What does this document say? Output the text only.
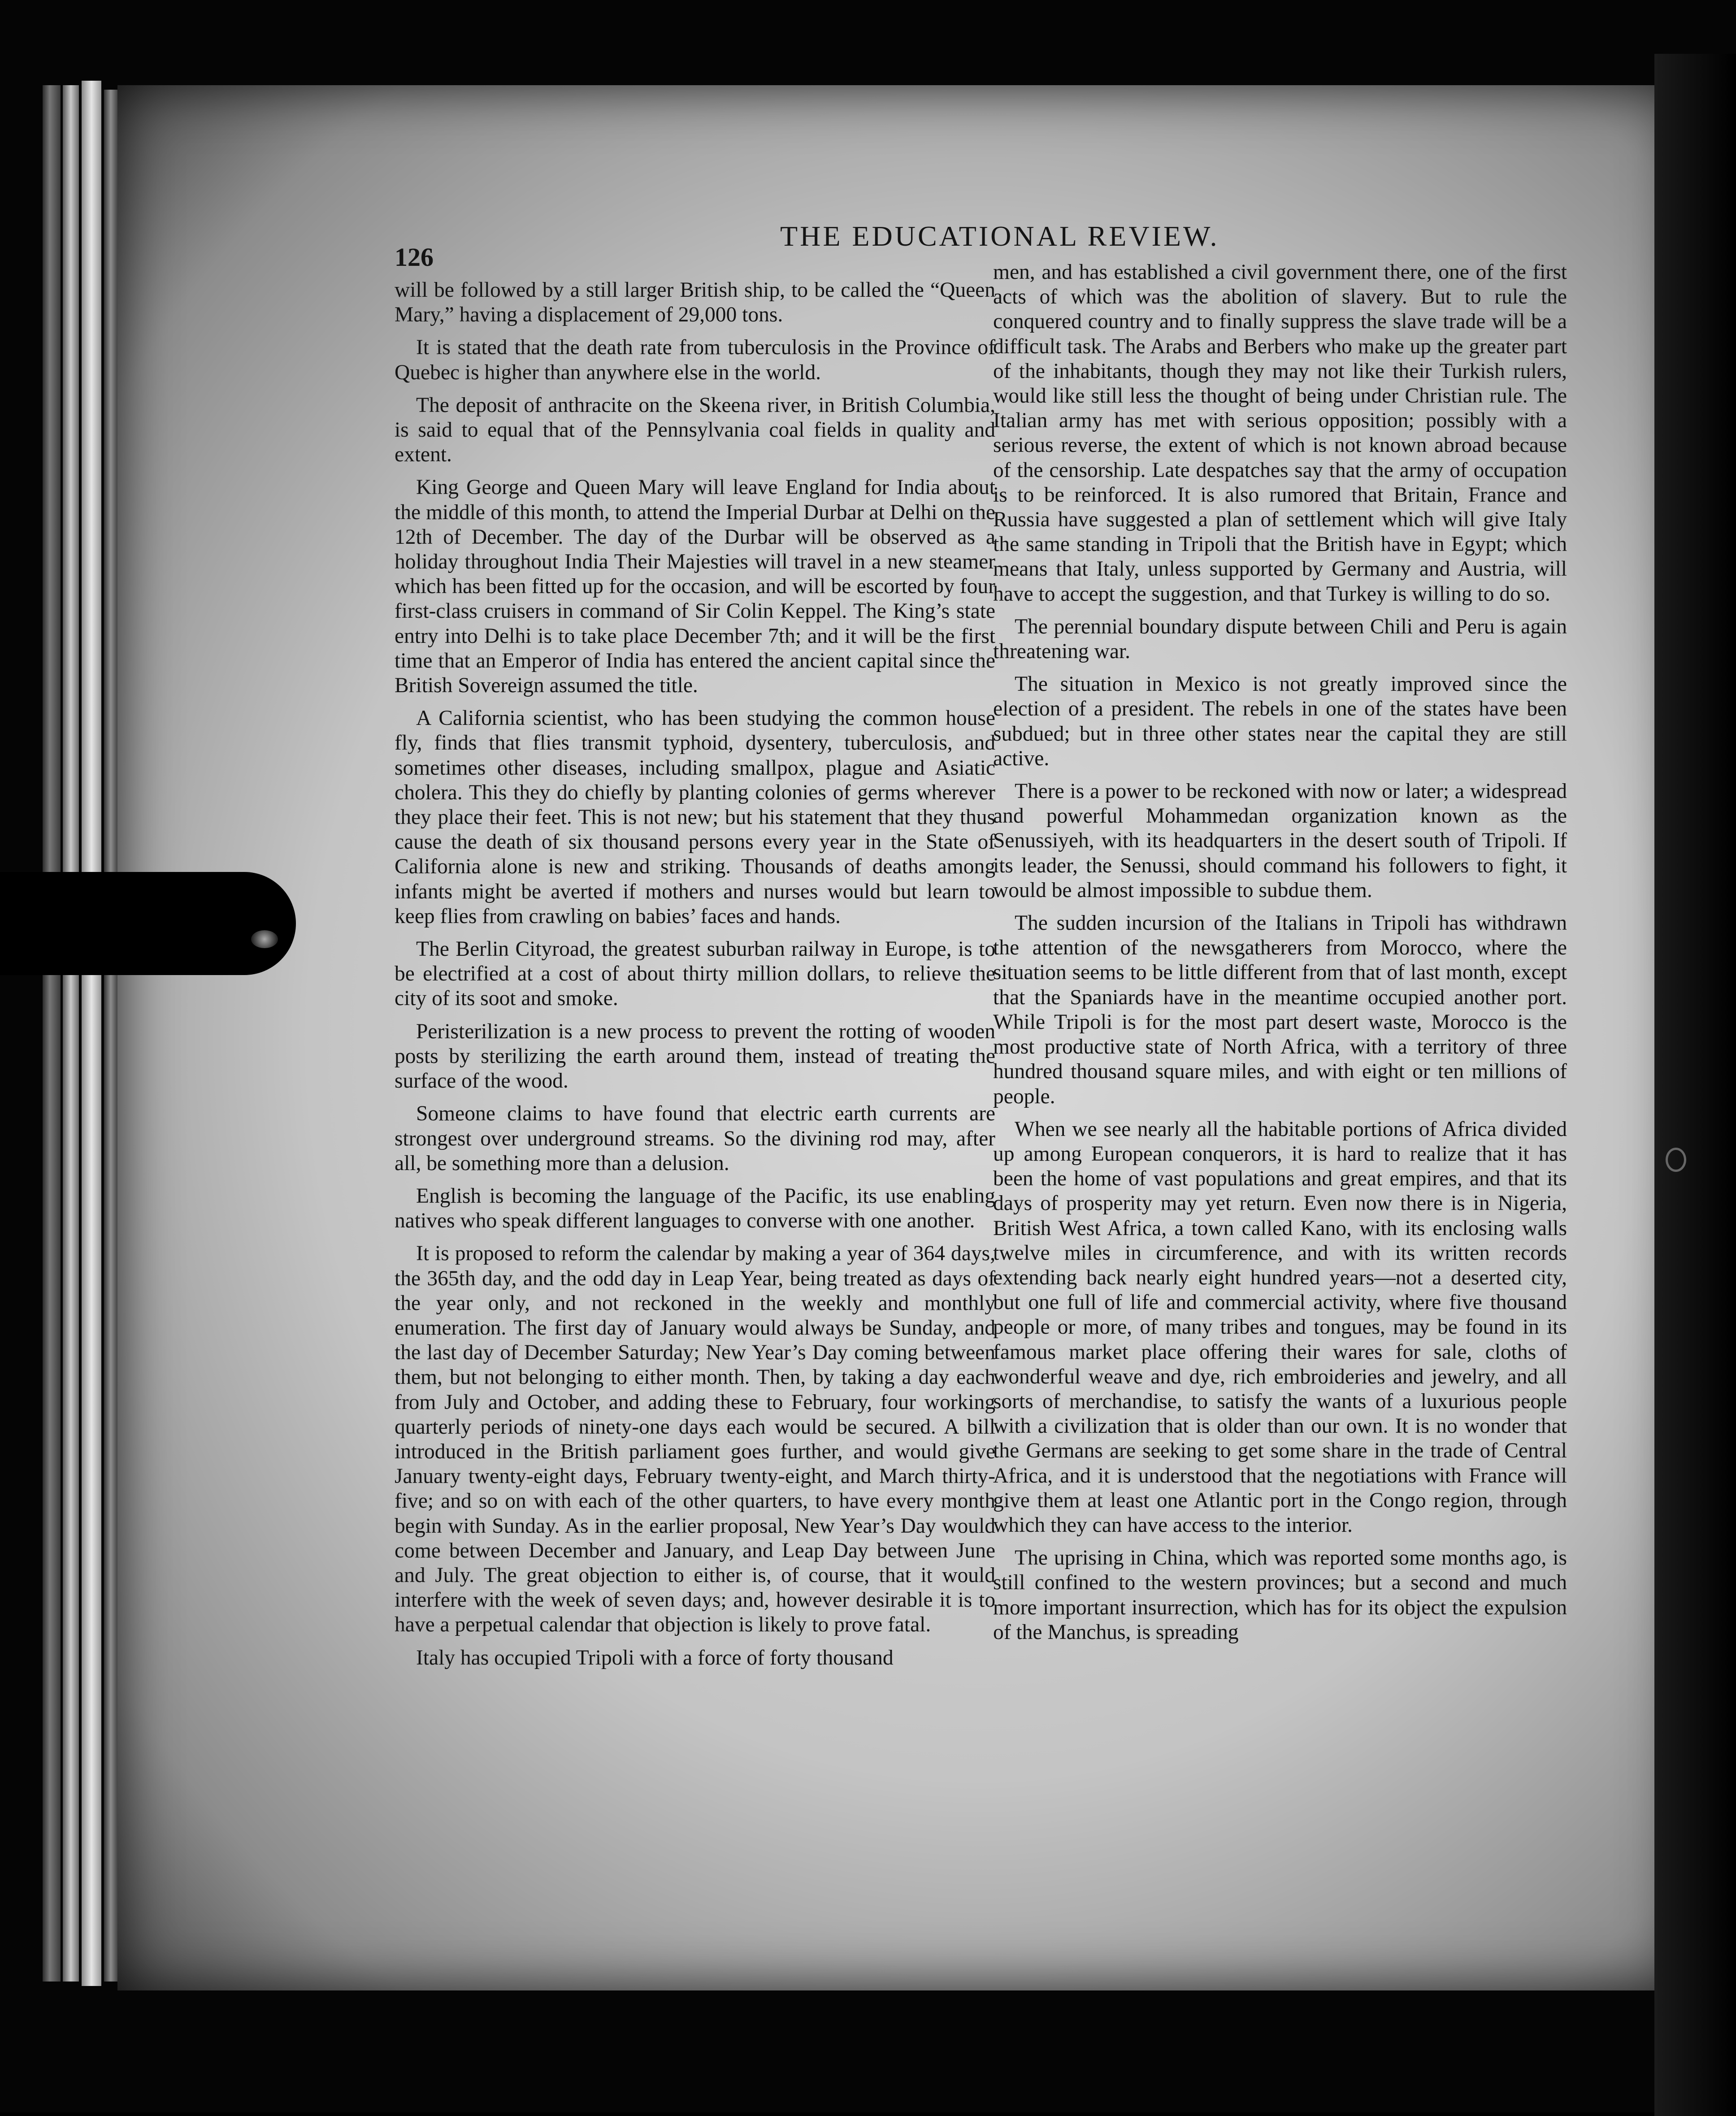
126
THE EDUCATIONAL REVIEW.

will be followed by a still larger British ship, to be called the “Queen Mary,” having a displacement of 29,000 tons.

It is stated that the death rate from tuberculosis in the Province of Quebec is higher than anywhere else in the world.

The deposit of anthracite on the Skeena river, in British Columbia, is said to equal that of the Pennsylvania coal fields in quality and extent.

King George and Queen Mary will leave England for India about the middle of this month, to attend the Imperial Durbar at Delhi on the 12th of December. The day of the Durbar will be observed as a holiday throughout India Their Majesties will travel in a new steamer which has been fitted up for the occasion, and will be escorted by four first-class cruisers in command of Sir Colin Keppel. The King’s state entry into Delhi is to take place December 7th; and it will be the first time that an Emperor of India has entered the ancient capital since the British Sovereign assumed the title.

A California scientist, who has been studying the common house fly, finds that flies transmit typhoid, dysentery, tuberculosis, and sometimes other diseases, including smallpox, plague and Asiatic cholera. This they do chiefly by planting colonies of germs wherever they place their feet. This is not new; but his statement that they thus cause the death of six thousand persons every year in the State of California alone is new and striking. Thousands of deaths among infants might be averted if mothers and nurses would but learn to keep flies from crawling on babies’ faces and hands.

The Berlin Cityroad, the greatest suburban railway in Europe, is to be electrified at a cost of about thirty million dollars, to relieve the city of its soot and smoke.

Peristerilization is a new process to prevent the rotting of wooden posts by sterilizing the earth around them, instead of treating the surface of the wood.

Someone claims to have found that electric earth currents are strongest over underground streams. So the divining rod may, after all, be something more than a delusion.

English is becoming the language of the Pacific, its use enabling natives who speak different languages to converse with one another.

It is proposed to reform the calendar by making a year of 364 days, the 365th day, and the odd day in Leap Year, being treated as days of the year only, and not reckoned in the weekly and monthly enumeration. The first day of January would always be Sunday, and the last day of December Saturday; New Year’s Day coming between them, but not belonging to either month. Then, by taking a day each from July and October, and adding these to February, four working quarterly periods of ninety-one days each would be secured. A bill introduced in the British parliament goes further, and would give January twenty-eight days, February twenty-eight, and March thirty-five; and so on with each of the other quarters, to have every month begin with Sunday. As in the earlier proposal, New Year’s Day would come between December and January, and Leap Day between June and July. The great objection to either is, of course, that it would interfere with the week of seven days; and, however desirable it is to have a perpetual calendar that objection is likely to prove fatal.

Italy has occupied Tripoli with a force of forty thousand

men, and has established a civil government there, one of the first acts of which was the abolition of slavery. But to rule the conquered country and to finally suppress the slave trade will be a difficult task. The Arabs and Berbers who make up the greater part of the inhabitants, though they may not like their Turkish rulers, would like still less the thought of being under Christian rule. The Italian army has met with serious opposition; possibly with a serious reverse, the extent of which is not known abroad because of the censorship. Late despatches say that the army of occupation is to be reinforced. It is also rumored that Britain, France and Russia have suggested a plan of settlement which will give Italy the same standing in Tripoli that the British have in Egypt; which means that Italy, unless supported by Germany and Austria, will have to accept the suggestion, and that Turkey is willing to do so.

The perennial boundary dispute between Chili and Peru is again threatening war.

The situation in Mexico is not greatly improved since the election of a president. The rebels in one of the states have been subdued; but in three other states near the capital they are still active.

There is a power to be reckoned with now or later; a widespread and powerful Mohammedan organization known as the Senussiyeh, with its headquarters in the desert south of Tripoli. If its leader, the Senussi, should command his followers to fight, it would be almost impossible to subdue them.

The sudden incursion of the Italians in Tripoli has withdrawn the attention of the newsgatherers from Morocco, where the situation seems to be little different from that of last month, except that the Spaniards have in the meantime occupied another port. While Tripoli is for the most part desert waste, Morocco is the most productive state of North Africa, with a territory of three hundred thousand square miles, and with eight or ten millions of people.

When we see nearly all the habitable portions of Africa divided up among European conquerors, it is hard to realize that it has been the home of vast populations and great empires, and that its days of prosperity may yet return. Even now there is in Nigeria, British West Africa, a town called Kano, with its enclosing walls twelve miles in circumference, and with its written records extending back nearly eight hundred years—not a deserted city, but one full of life and commercial activity, where five thousand people or more, of many tribes and tongues, may be found in its famous market place offering their wares for sale, cloths of wonderful weave and dye, rich embroideries and jewelry, and all sorts of merchandise, to satisfy the wants of a luxurious people with a civilization that is older than our own. It is no wonder that the Germans are seeking to get some share in the trade of Central Africa, and it is understood that the negotiations with France will give them at least one Atlantic port in the Congo region, through which they can have access to the interior.

The uprising in China, which was reported some months ago, is still confined to the western provinces; but a second and much more important insurrection, which has for its object the expulsion of the Manchus, is spreading
